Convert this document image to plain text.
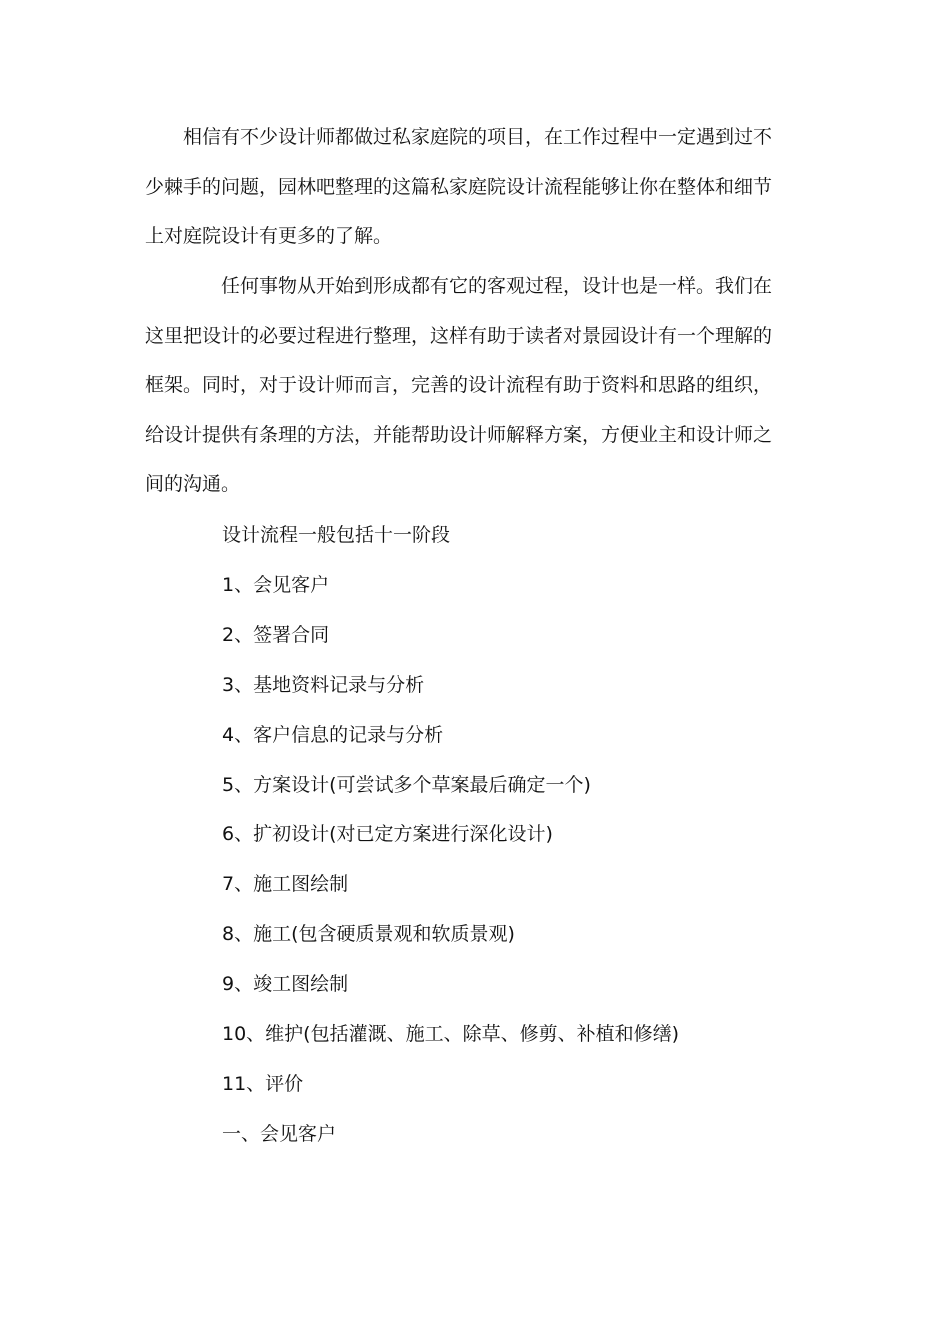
相信有不少设计师都做过私家庭院的项目，在工作过程中一定遇到过不
少棘手的问题，园林吧整理的这篇私家庭院设计流程能够让你在整体和细节
上对庭院设计有更多的了解。
任何事物从开始到形成都有它的客观过程，设计也是一样。我们在
这里把设计的必要过程进行整理，这样有助于读者对景园设计有一个理解的
框架。同时，对于设计师而言，完善的设计流程有助于资料和思路的组织，
给设计提供有条理的方法，并能帮助设计师解释方案，方便业主和设计师之
间的沟通。
设计流程一般包括十一阶段
1、会见客户
2、签署合同
3、基地资料记录与分析
4、客户信息的记录与分析
5、方案设计(可尝试多个草案最后确定一个)
6、扩初设计(对已定方案进行深化设计)
7、施工图绘制
8、施工(包含硬质景观和软质景观)
9、竣工图绘制
10、维护(包括灌溉、施工、除草、修剪、补植和修缮)
11、评价
一、会见客户
